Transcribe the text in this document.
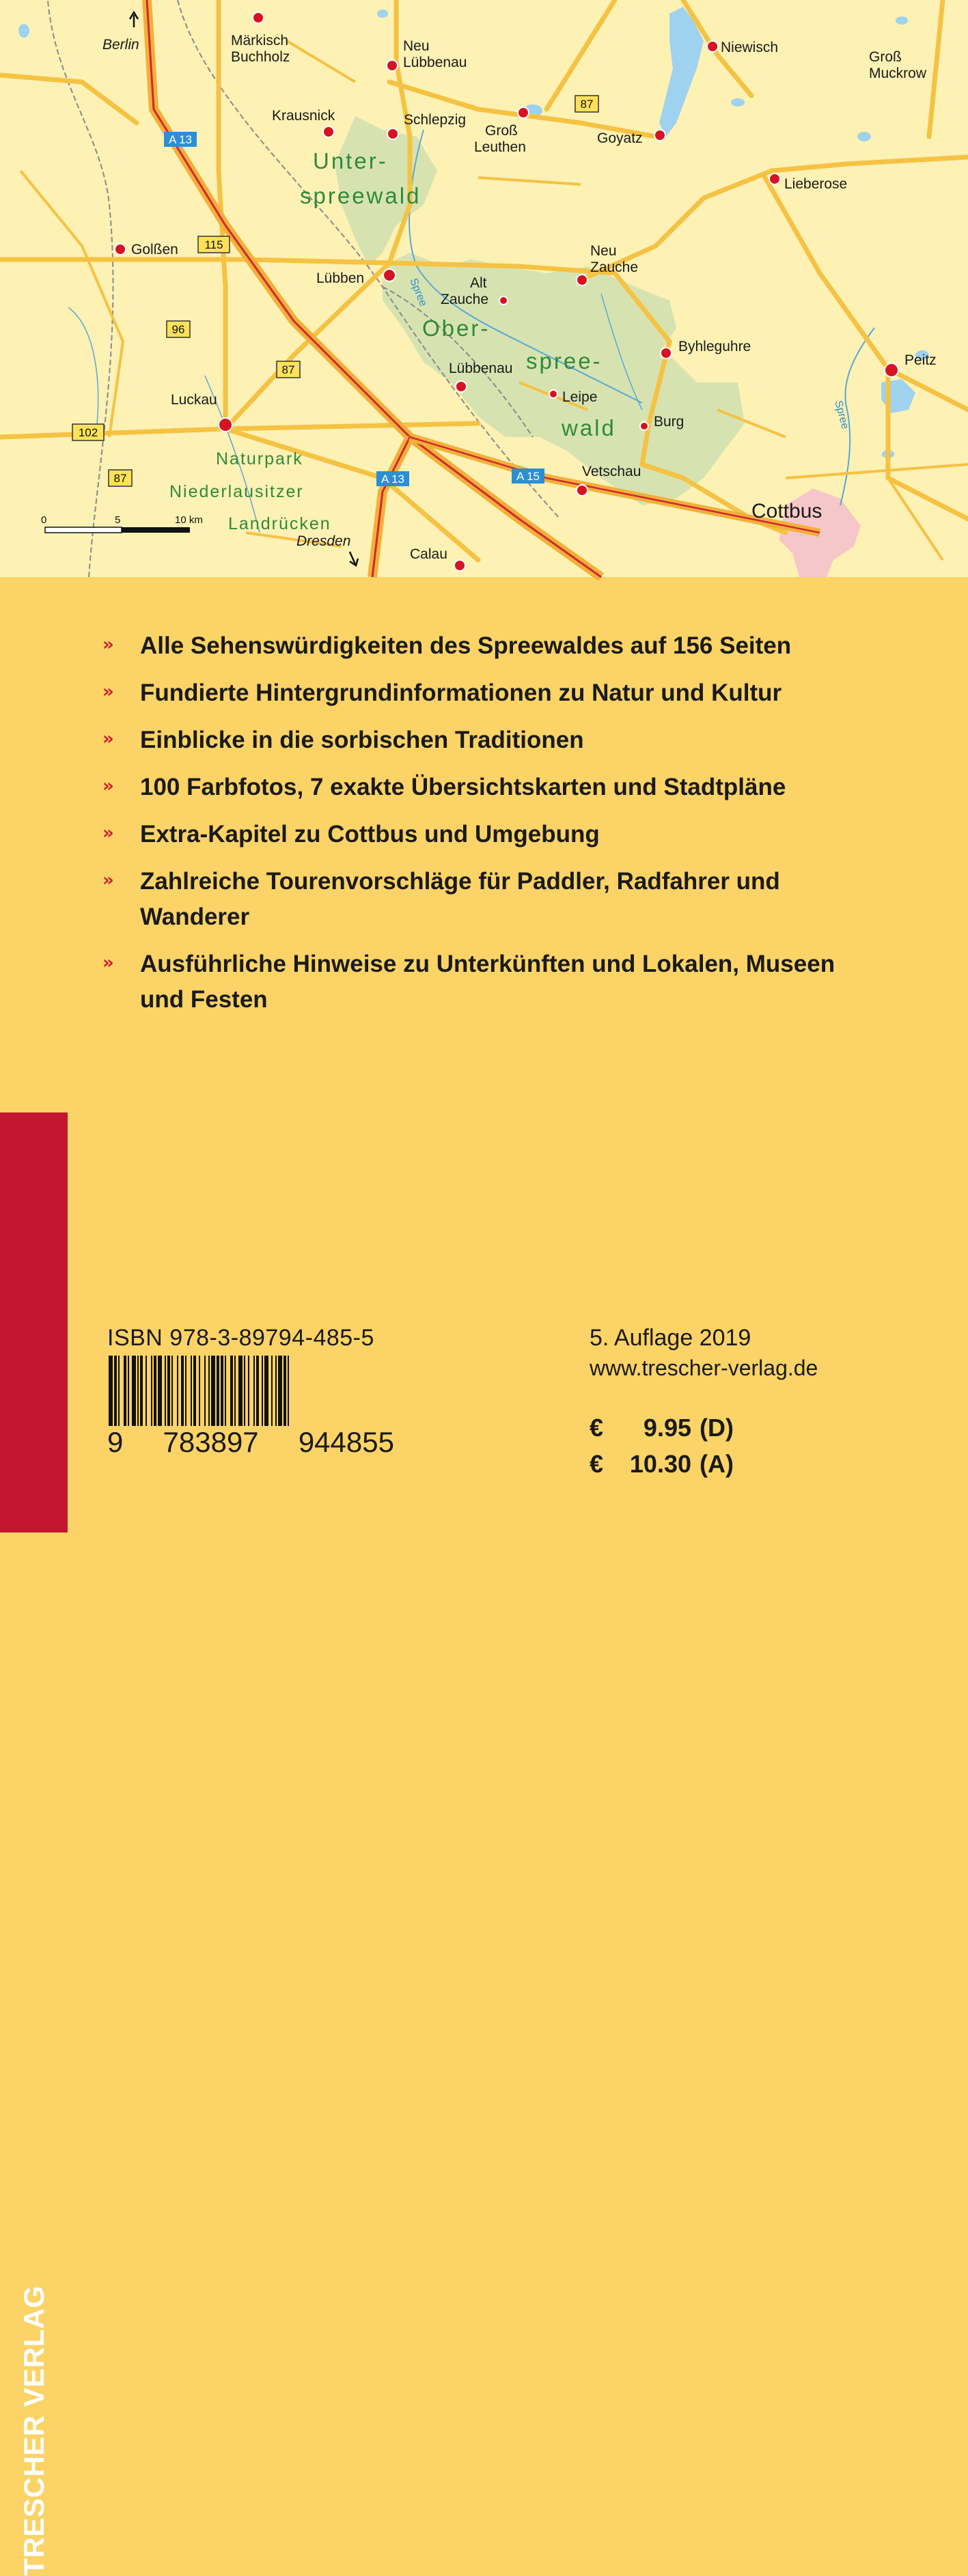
87
115
96
87
102
87
A 13
A 13	A 15
Berlin	Märkisch
Buchholz
Neu
Lübbenau
Niewisch
Groß
Muckrow
Krausnick	Schlepzig
Groß
Leuthen
Goyatz
Lieberose
Golßen
Lübben	Alt
Zauche
Neu
Zauche
Byhleguhre
Peitz
Luckau
Lübbenau
Leipe
Burg
Vetschau
Cottbus
Dresden
Calau
Unter-
spreewald
Ober-
spree-
wald
Naturpark
Niederlausitzer
Landrücken
Spree
Spree
0	5	10 km
» Alle Sehenswürdigkeiten des Spreewaldes auf 156 Seiten
» Fundierte Hintergrundinformationen zu Natur und Kultur
» Einblicke in die sorbischen Traditionen
» 100 Farbfotos, 7 exakte Übersichtskarten und Stadtpläne
» Extra-Kapitel zu Cottbus und Umgebung
» Zahlreiche Tourenvorschläge für Paddler, Radfahrer und Wanderer
» Ausführliche Hinweise zu Unterkünften und Lokalen, Museen und Festen
TRESCHER VERLAG
ISBN 978-3-89794-485-5
9 783897 944855
5. Auflage 2019
www.trescher-verlag.de
€	9.95 (D)
€	10.30 (A)
